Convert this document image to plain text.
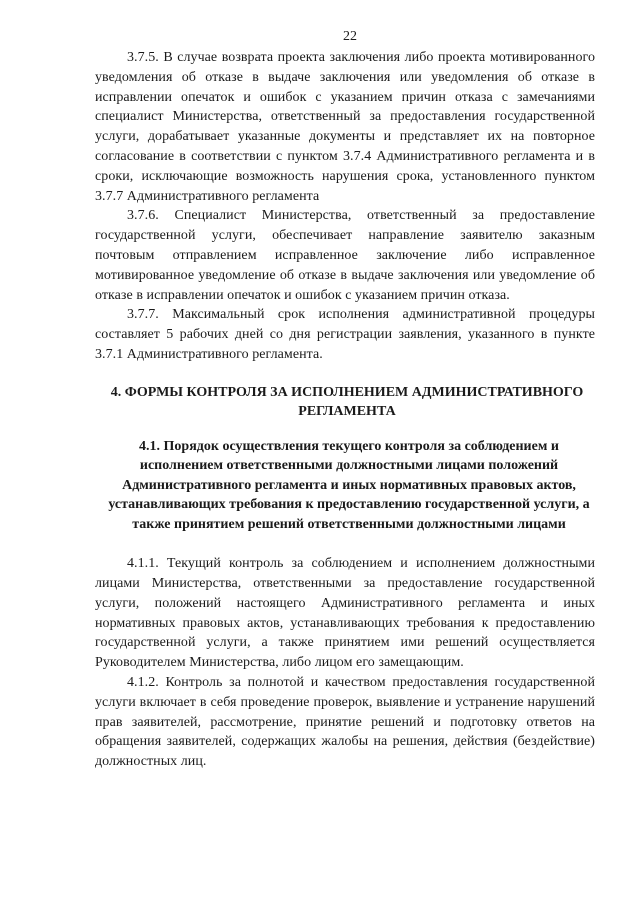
22

3.7.5. В случае возврата проекта заключения либо проекта мотивированного уведомления об отказе в выдаче заключения или уведомления об отказе в исправлении опечаток и ошибок с указанием причин отказа с замечаниями специалист Министерства, ответственный за предоставления государственной услуги, дорабатывает указанные документы и представляет их на повторное согласование в соответствии с пунктом 3.7.4 Административного регламента и в сроки, исключающие возможность нарушения срока, установленного пунктом 3.7.7 Административного регламента

3.7.6. Специалист Министерства, ответственный за предоставление государственной услуги, обеспечивает направление заявителю заказным почтовым отправлением исправленное заключение либо исправленное мотивированное уведомление об отказе в выдаче заключения или уведомление об отказе в исправлении опечаток и ошибок с указанием причин отказа.

3.7.7. Максимальный срок исполнения административной процедуры составляет 5 рабочих дней со дня регистрации заявления, указанного в пункте 3.7.1 Административного регламента.

4. ФОРМЫ КОНТРОЛЯ ЗА ИСПОЛНЕНИЕМ АДМИНИСТРАТИВНОГО РЕГЛАМЕНТА
4.1. Порядок осуществления текущего контроля за соблюдением и исполнением ответственными должностными лицами положений Административного регламента и иных нормативных правовых актов, устанавливающих требования к предоставлению государственной услуги, а также принятием решений ответственными должностными лицами

4.1.1. Текущий контроль за соблюдением и исполнением должностными лицами Министерства, ответственными за предоставление государственной услуги, положений настоящего Административного регламента и иных нормативных правовых актов, устанавливающих требования к предоставлению государственной услуги, а также принятием ими решений осуществляется Руководителем Министерства, либо лицом его замещающим.

4.1.2. Контроль за полнотой и качеством предоставления государственной услуги включает в себя проведение проверок, выявление и устранение нарушений прав заявителей, рассмотрение, принятие решений и подготовку ответов на обращения заявителей, содержащих жалобы на решения, действия (бездействие) должностных лиц.
